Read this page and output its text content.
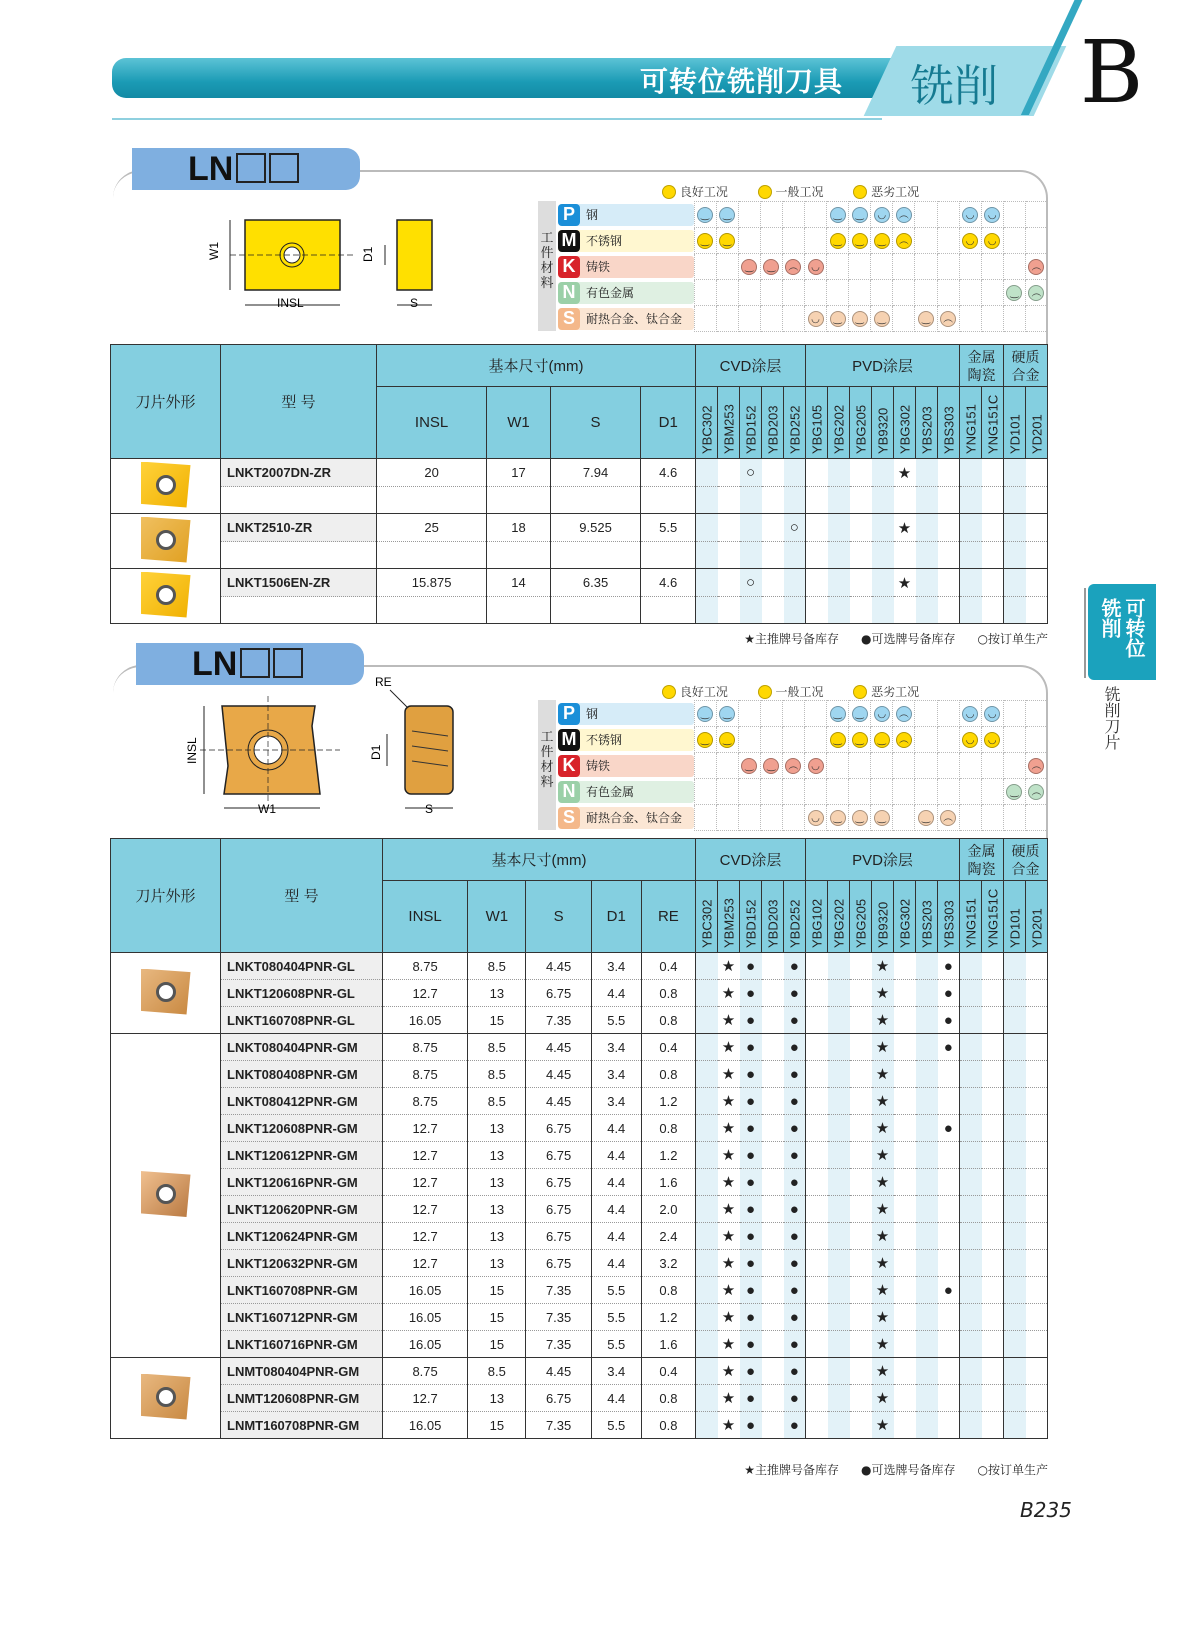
可转位铣削刀具 铣削 B
可转位铣削
铣削刀片
LN
W1
INSL
D1
S
良好工况	一般工况	恶劣工况
工
件
材
料
P 钢	‿	‿					‿	‿	◡	︵			◡	◡		

M 不锈钢	‿	‿					‿	‿	‿	︵			◡	◡		

K 铸铁			‿	‿	︵	◡										︵

N 有色金属															‿	︵

S 耐热合金、钛合金						◡	‿	‿	‿		‿	︵				
刀片外形	型 号	基本尺寸(mm)				CVD涂层					PVD涂层							金属
陶瓷		硬质
合金	
		INSL	W1	S	D1	YBC302	YBM253	YBD152	YBD203	YBD252	YBG105	YBG202	YBG205	YB9320	YBG302	YBS203	YBS303	YNG151	YNG151C	YD101	YD201
	LNKT2007DN-ZR	20	17	7.94	4.6			○							★						

	LNKT2510-ZR	25	18	9.525	5.5					○					★						

	LNKT1506EN-ZR	15.875	14	6.35	4.6			○							★						

★主推牌号备库存 ●可选牌号备库存 ○按订单生产
LN
INSL
W1
RE
D1
S
良好工况	一般工况	恶劣工况
工
件
材
料
P 钢	‿	‿					‿	‿	◡	︵			◡	◡		

M 不锈钢	‿	‿					‿	‿	‿	︵			◡	◡		

K 铸铁			‿	‿	︵	◡										︵

N 有色金属															‿	︵

S 耐热合金、钛合金						◡	‿	‿	‿		‿	︵				
刀片外形	型 号	基本尺寸(mm)					CVD涂层					PVD涂层							金属
陶瓷		硬质
合金	
		INSL	W1	S	D1	RE	YBC302	YBM253	YBD152	YBD203	YBD252	YBG102	YBG202	YBG205	YB9320	YBG302	YBS203	YBS303	YNG151	YNG151C	YD101	YD201
	LNKT080404PNR-GL	8.75	8.5	4.45	3.4	0.4		★	●		●				★			●				
	LNKT120608PNR-GL	12.7	13	6.75	4.4	0.8		★	●		●				★			●				
	LNKT160708PNR-GL	16.05	15	7.35	5.5	0.8		★	●		●				★			●				
	LNKT080404PNR-GM	8.75	8.5	4.45	3.4	0.4		★	●		●				★			●				
	LNKT080408PNR-GM	8.75	8.5	4.45	3.4	0.8		★	●		●				★							
	LNKT080412PNR-GM	8.75	8.5	4.45	3.4	1.2		★	●		●				★							
	LNKT120608PNR-GM	12.7	13	6.75	4.4	0.8		★	●		●				★			●				
	LNKT120612PNR-GM	12.7	13	6.75	4.4	1.2		★	●		●				★							
	LNKT120616PNR-GM	12.7	13	6.75	4.4	1.6		★	●		●				★							
	LNKT120620PNR-GM	12.7	13	6.75	4.4	2.0		★	●		●				★							
	LNKT120624PNR-GM	12.7	13	6.75	4.4	2.4		★	●		●				★							
	LNKT120632PNR-GM	12.7	13	6.75	4.4	3.2		★	●		●				★							
	LNKT160708PNR-GM	16.05	15	7.35	5.5	0.8		★	●		●				★			●				
	LNKT160712PNR-GM	16.05	15	7.35	5.5	1.2		★	●		●				★							
	LNKT160716PNR-GM	16.05	15	7.35	5.5	1.6		★	●		●				★							
	LNMT080404PNR-GM	8.75	8.5	4.45	3.4	0.4		★	●		●				★							
	LNMT120608PNR-GM	12.7	13	6.75	4.4	0.8		★	●		●				★							
	LNMT160708PNR-GM	16.05	15	7.35	5.5	0.8		★	●		●				★							
★主推牌号备库存 ●可选牌号备库存 ○按订单生产
B235
